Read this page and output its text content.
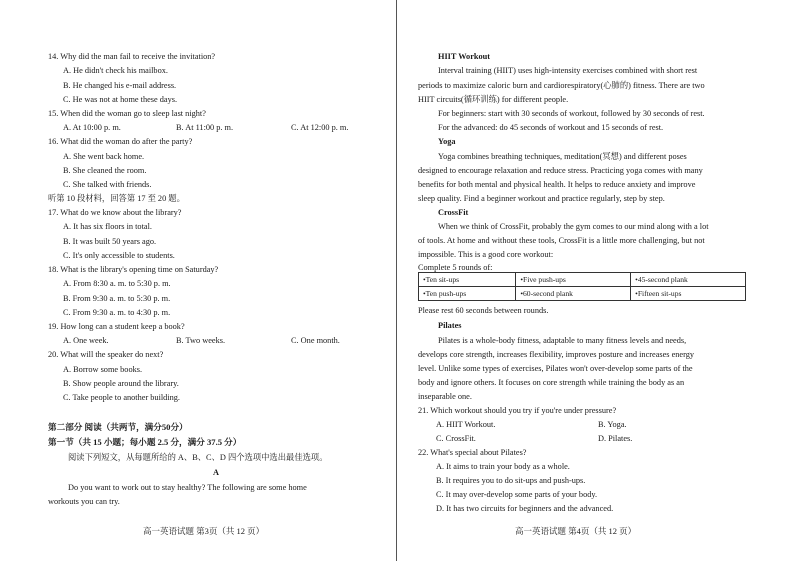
14. Why did the man fail to receive the invitation?
A. He didn't check his mailbox.
B. He changed his e-mail address.
C. He was not at home these days.
15. When did the woman go to sleep last night?
A. At 10:00 p. m.	B. At 11:00 p. m.	C. At 12:00 p. m.
16. What did the woman do after the party?
A. She went back home.
B. She cleaned the room.
C. She talked with friends.
听第 10 段材料，回答第 17 至 20 题。
17. What do we know about the library?
A. It has six floors in total.
B. It was built 50 years ago.
C. It's only accessible to students.
18. What is the library's opening time on Saturday?
A. From 8:30 a. m. to 5:30 p. m.
B. From 9:30 a. m. to 5:30 p. m.
C. From 9:30 a. m. to 4:30 p. m.
19. How long can a student keep a book?
A. One week.	B. Two weeks.	C. One month.
20. What will the speaker do next?
A. Borrow some books.
B. Show people around the library.
C. Take people to another building.
第二部分 阅读（共两节，满分50分）
第一节（共 15 小题；每小题 2.5 分，满分 37.5 分）
阅读下列短文，从每题所给的 A、B、C、D 四个选项中选出最佳选项。
A
Do you want to work out to stay healthy? The following are some home
workouts you can try.
高一英语试题 第3页（共 12 页）
HIIT Workout
Interval training (HIIT) uses high-intensity exercises combined with short rest
periods to maximize caloric burn and cardiorespiratory(心肺的) fitness. There are two
HIIT circuits(循环训练) for different people.
For beginners: start with 30 seconds of workout, followed by 30 seconds of rest.
For the advanced: do 45 seconds of workout and 15 seconds of rest.
Yoga
Yoga combines breathing techniques, meditation(冥想) and different poses
designed to encourage relaxation and reduce stress. Practicing yoga comes with many
benefits for both mental and physical health. It helps to reduce anxiety and improve
sleep quality. Find a beginner workout and practice regularly, step by step.
CrossFit
When we think of CrossFit, probably the gym comes to our mind along with a lot
of tools. At home and without these tools, CrossFit is a little more challenging, but not
impossible. This is a good core workout:
Complete 5 rounds of:
•Ten sit-ups	•Five push-ups	•45-second plank
•Ten push-ups	•60-second plank	•Fifteen sit-ups
Please rest 60 seconds between rounds.
Pilates
Pilates is a whole-body fitness, adaptable to many fitness levels and needs,
develops core strength, increases flexibility, improves posture and increases energy
level. Unlike some types of exercises, Pilates won't over-develop some parts of the
body and ignore others. It focuses on core strength while training the body as an
inseparable one.
21. Which workout should you try if you're under pressure?
A. HIIT Workout.	B. Yoga.
C. CrossFit.	D. Pilates.
22. What's special about Pilates?
A. It aims to train your body as a whole.
B. It requires you to do sit-ups and push-ups.
C. It may over-develop some parts of your body.
D. It has two circuits for beginners and the advanced.
高一英语试题 第4页（共 12 页）
